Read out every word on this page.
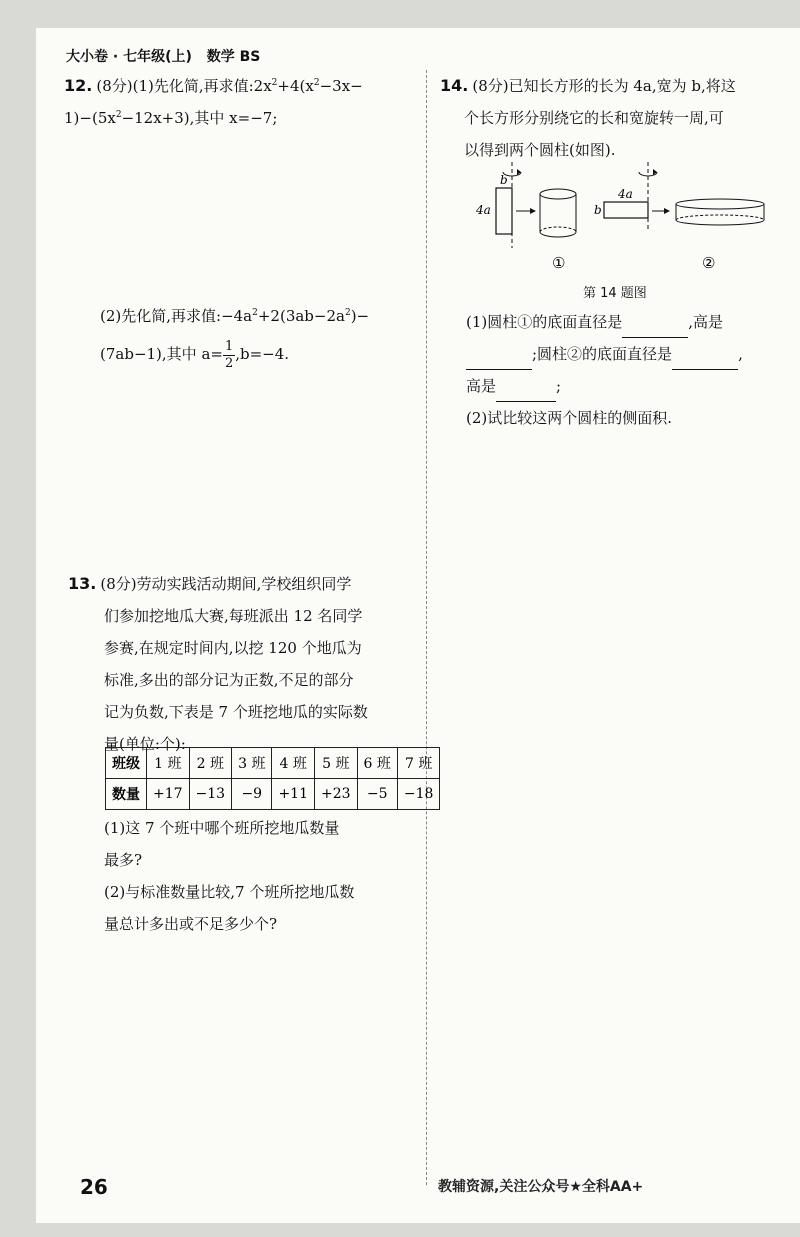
大小卷 · 七年级(上) 数学 BS
12. (8分)(1)先化简,再求值$:2x^2+4(x^2-3x-$
$1)-(5x^2-12x+3)$,其中 x=−7;
(2)先化简,再求值$:-4a^2+2(3ab-2a^2)-$
(7ab−1),其中 $a= \frac{1}{2} ,b=-4$.
13. (8分)劳动实践活动期间,学校组织同学
们参加挖地瓜大赛,每班派出 12 名同学
参赛,在规定时间内,以挖 120 个地瓜为
标准,多出的部分记为正数,不足的部分
记为负数,下表是 7 个班挖地瓜的实际数
量(单位:个):
班级	1 班	2 班	3 班	4 班	5 班	6 班	7 班
数量	+17	−13	−9	+11	+23	−5	−18
(1)这 7 个班中哪个班所挖地瓜数量
最多?
(2)与标准数量比较,7 个班所挖地瓜数
量总计多出或不足多少个?
14. (8分)已知长方形的长为 4a,宽为 b,将这
个长方形分别绕它的长和宽旋转一周,可
以得到两个圆柱(如图).
b
4a
①
4a
b
②
第 14 题图
(1)圆柱①的底面直径是	,高是
;圆柱②的底面直径是	,
高是	;
(2)试比较这两个圆柱的侧面积.
26	教辅资源,关注公众号★全科AA+
